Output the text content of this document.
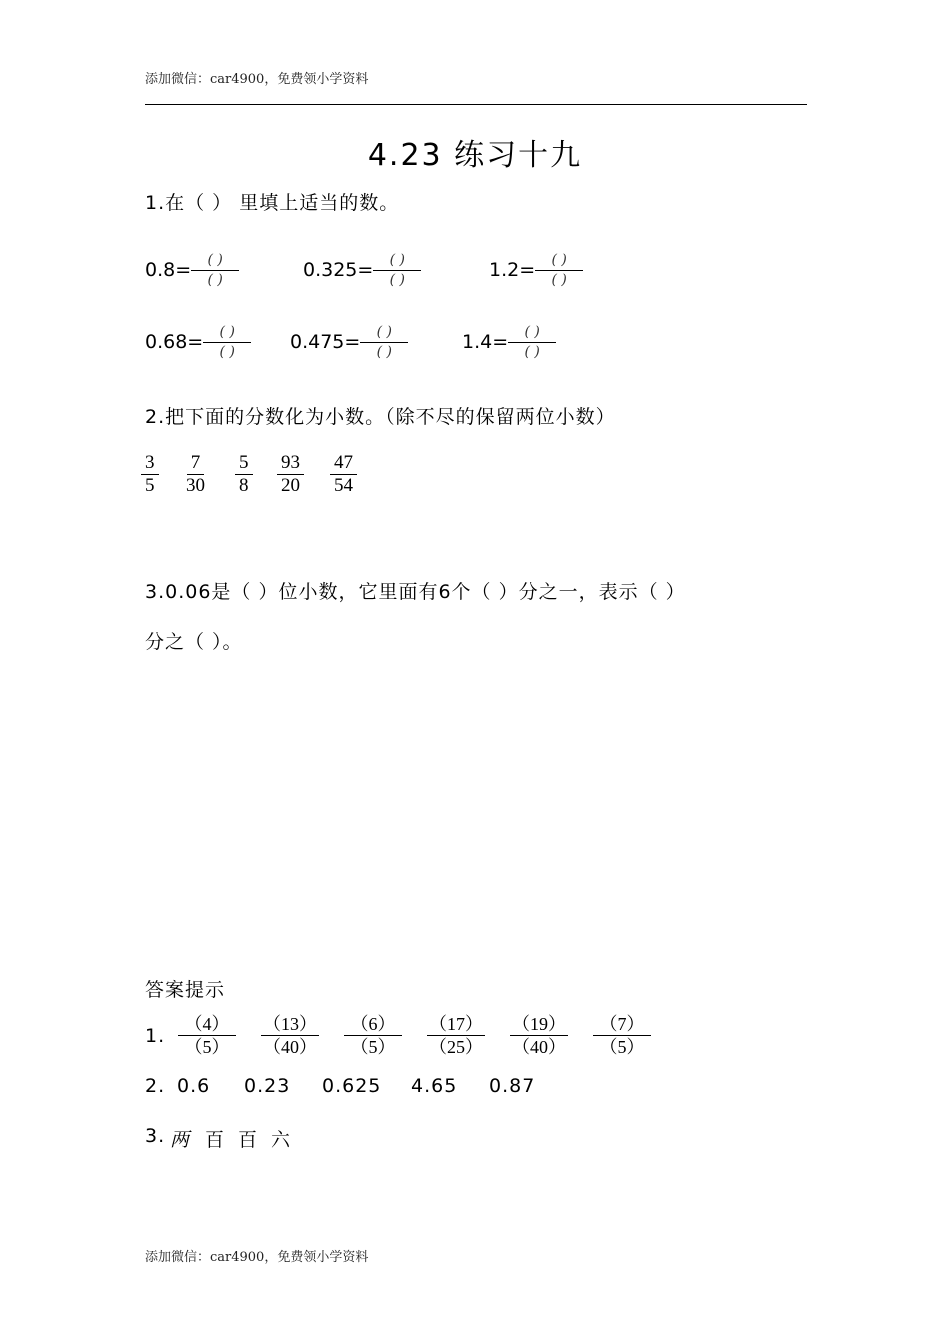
添加微信：car4900，免费领小学资料
4.23 练习十九
1.在（ ） 里填上适当的数。
$0.8= \frac{( )}{( )}$	$0.325= \frac{( )}{( )}$	$1.2= \frac{( )}{( )}$
$0.68= \frac{( )}{( )} 0.475= \frac{( )}{( )}$	$1.4= \frac{( )}{( )}$
2.把下面的分数化为小数。（除不尽的保留两位小数）
$\frac{3}{5} \frac{7}{30} \frac{5}{8} \frac{93}{20} \frac{47}{54}$
3.0.06是（ ）位小数，它里面有6个（ ）分之一，表示（ ）
分之（ ）。
答案提示
1. $\frac{(4)}{(5)} \frac{(13)}{(40)} \frac{(6)}{(5)} \frac{(17)}{(25)} \frac{(19)}{(40)} \frac{(7)}{(5)}$
2. 0.6 0.23 0.625 4.65 0.87
3. 两 百 百 六
添加微信：car4900，免费领小学资料
